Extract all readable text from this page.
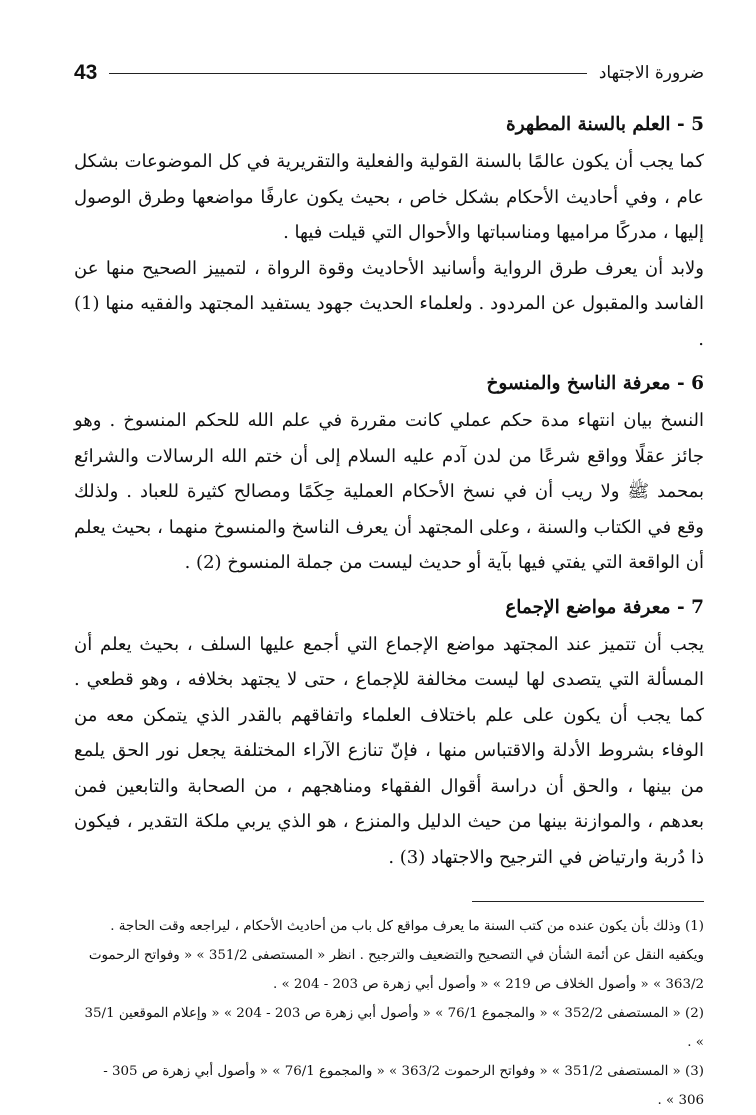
ضرورة الاجتهاد
43
5 - العلم بالسنة المطهرة

كما يجب أن يكون عالمًا بالسنة القولية والفعلية والتقريرية في كل الموضوعات بشكل عام ، وفي أحاديث الأحكام بشكل خاص ، بحيث يكون عارفًا مواضعها وطرق الوصول إليها ، مدركًا مراميها ومناسباتها والأحوال التي قيلت فيها .

ولابد أن يعرف طرق الرواية وأسانيد الأحاديث وقوة الرواة ، لتمييز الصحيح منها عن الفاسد والمقبول عن المردود . ولعلماء الحديث جهود يستفيد المجتهد والفقيه منها (1) .

6 - معرفة الناسخ والمنسوخ

النسخ بيان انتهاء مدة حكم عملي كانت مقررة في علم الله للحكم المنسوخ . وهو جائز عقلًا وواقع شرعًا من لدن آدم عليه السلام إلى أن ختم الله الرسالات والشرائع بمحمد ﷺ ولا ريب أن في نسخ الأحكام العملية حِكَمًا ومصالح كثيرة للعباد . ولذلك وقع في الكتاب والسنة ، وعلى المجتهد أن يعرف الناسخ والمنسوخ منهما ، بحيث يعلم أن الواقعة التي يفتي فيها بآية أو حديث ليست من جملة المنسوخ (2) .

7 - معرفة مواضع الإجماع

يجب أن تتميز عند المجتهد مواضع الإجماع التي أجمع عليها السلف ، بحيث يعلم أن المسألة التي يتصدى لها ليست مخالفة للإجماع ، حتى لا يجتهد بخلافه ، وهو قطعي . كما يجب أن يكون على علم باختلاف العلماء واتفاقهم بالقدر الذي يتمكن معه من الوفاء بشروط الأدلة والاقتباس منها ، فإنّ تنازع الآراء المختلفة يجعل نور الحق يلمع من بينها ، والحق أن دراسة أقوال الفقهاء ومناهجهم ، من الصحابة والتابعين فمن بعدهم ، والموازنة بينها من حيث الدليل والمنزع ، هو الذي يربي ملكة التقدير ، فيكون ذا دُربة وارتياض في الترجيح والاجتهاد (3) .

(1) وذلك بأن يكون عنده من كتب السنة ما يعرف مواقع كل باب من أحاديث الأحكام ، ليراجعه وقت الحاجة . ويكفيه النقل عن أئمة الشأن في التصحيح والتضعيف والترجيح . انظر « المستصفى 351/2 » « وفواتح الرحموت 363/2 » « وأصول الخلاف ص 219 » « وأصول أبي زهرة ص 203 - 204 » .

(2) « المستصفى 352/2 » « والمجموع 76/1 » « وأصول أبي زهرة ص 203 - 204 » « وإعلام الموقعين 35/1 » .

(3) « المستصفى 351/2 » « وفواتح الرحموت 363/2 » « والمجموع 76/1 » « وأصول أبي زهرة ص 305 - 306 » .
